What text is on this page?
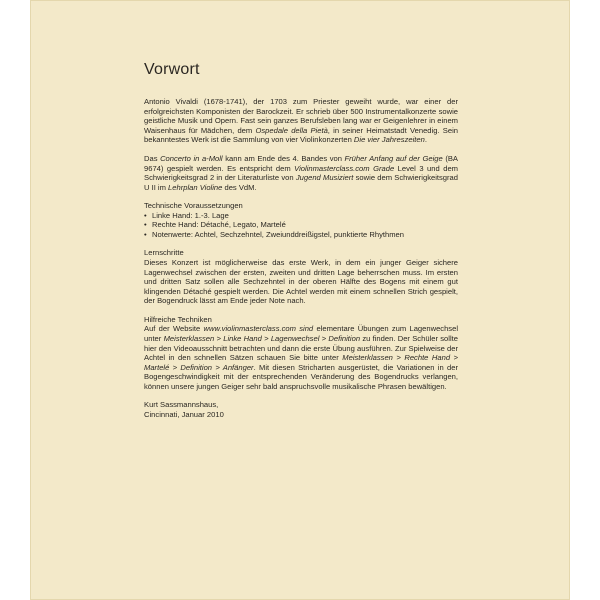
Vorwort

Antonio Vivaldi (1678-1741), der 1703 zum Priester geweiht wurde, war einer der erfolgreichsten Komponisten der Barockzeit. Er schrieb über 500 Instrumentalkonzerte sowie geistliche Musik und Opern. Fast sein ganzes Berufsleben lang war er Geigenlehrer in einem Waisenhaus für Mädchen, dem Ospedale della Pietà, in seiner Heimatstadt Venedig. Sein bekanntestes Werk ist die Sammlung von vier Violinkonzerten Die vier Jahreszeiten.

Das Concerto in a-Moll kann am Ende des 4. Bandes von Früher Anfang auf der Geige (BA 9674) gespielt werden. Es entspricht dem Violinmasterclass.com Grade Level 3 und dem Schwierigkeitsgrad 2 in der Literaturliste von Jugend Musiziert sowie dem Schwierigkeitsgrad U II im Lehrplan Violine des VdM.

Technische Voraussetzungen
• Linke Hand: 1.-3. Lage
• Rechte Hand: Détaché, Legato, Martelé
• Notenwerte: Achtel, Sechzehntel, Zweiunddreißigstel, punktierte Rhythmen
Lernschritte

Dieses Konzert ist möglicherweise das erste Werk, in dem ein junger Geiger sichere Lagenwechsel zwischen der ersten, zweiten und dritten Lage beherrschen muss. Im ersten und dritten Satz sollen alle Sechzehntel in der oberen Hälfte des Bogens mit einem gut klingenden Détaché gespielt werden. Die Achtel werden mit einem schnellen Strich gespielt, der Bogendruck lässt am Ende jeder Note nach.

Hilfreiche Techniken

Auf der Website www.violinmasterclass.com sind elementare Übungen zum Lagenwechsel unter Meisterklassen > Linke Hand > Lagenwechsel > Definition zu finden. Der Schüler sollte hier den Videoausschnitt betrachten und dann die erste Übung ausführen. Zur Spielweise der Achtel in den schnellen Sätzen schauen Sie bitte unter Meisterklassen > Rechte Hand > Martelé > Definition > Anfänger. Mit diesen Stricharten ausgerüstet, die Variationen in der Bogengeschwindigkeit mit der entsprechenden Veränderung des Bogendrucks verlangen, können unsere jungen Geiger sehr bald anspruchsvolle musikalische Phrasen bewältigen.

Kurt Sassmannshaus,
Cincinnati, Januar 2010
